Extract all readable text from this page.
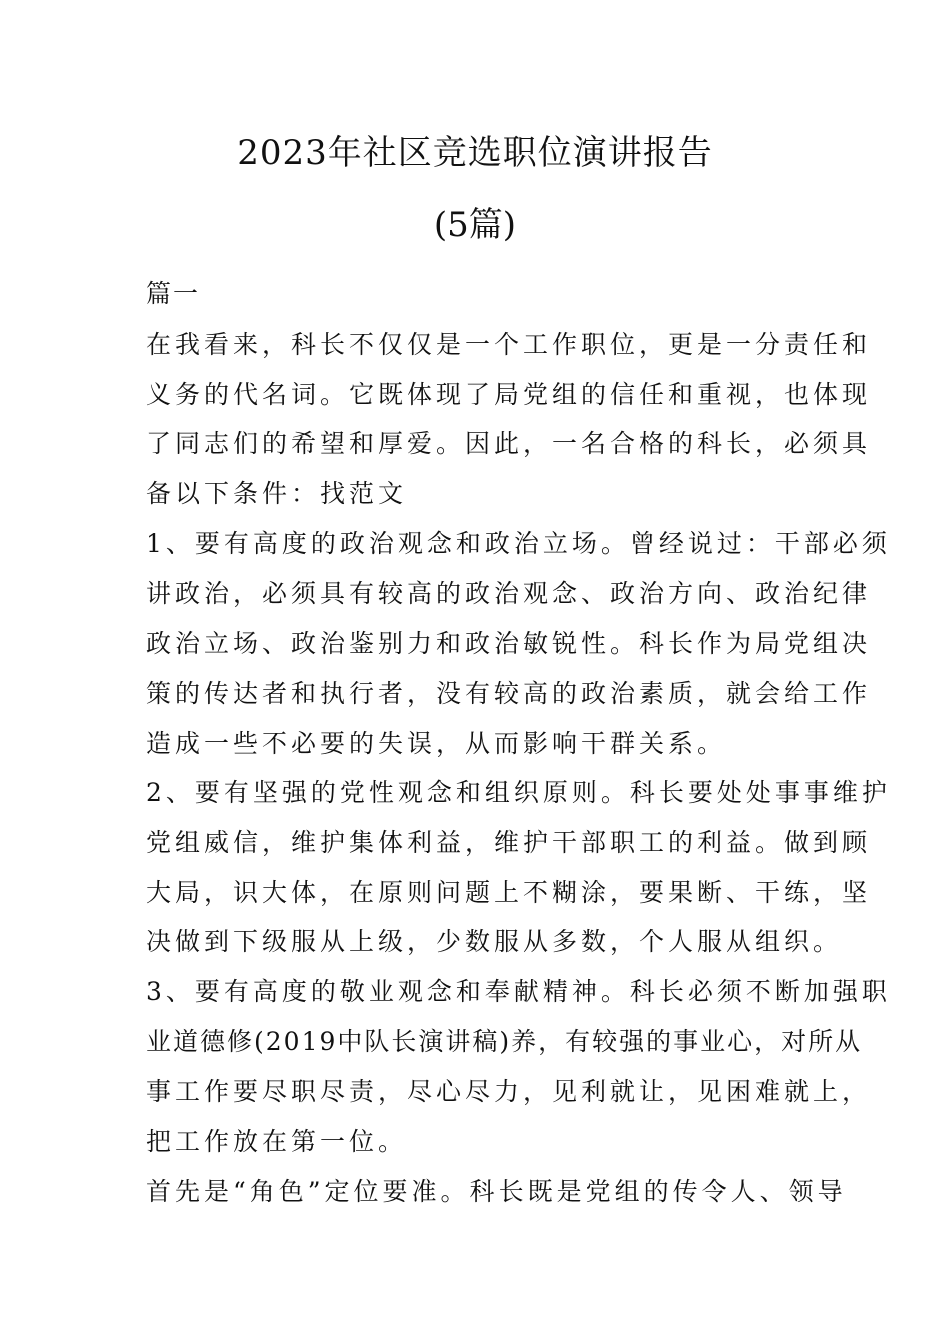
2023年社区竞选职位演讲报告
(5篇)
篇一
在我看来，科长不仅仅是一个工作职位，更是一分责任和
义务的代名词。它既体现了局党组的信任和重视，也体现
了同志们的希望和厚爱。因此，一名合格的科长，必须具
备以下条件：找范文
1、要有高度的政治观念和政治立场。曾经说过：干部必须
讲政治，必须具有较高的政治观念、政治方向、政治纪律
政治立场、政治鉴别力和政治敏锐性。科长作为局党组决
策的传达者和执行者，没有较高的政治素质，就会给工作
造成一些不必要的失误，从而影响干群关系。
2、要有坚强的党性观念和组织原则。科长要处处事事维护
党组威信，维护集体利益，维护干部职工的利益。做到顾
大局，识大体，在原则问题上不糊涂，要果断、干练，坚
决做到下级服从上级，少数服从多数，个人服从组织。
3、要有高度的敬业观念和奉献精神。科长必须不断加强职
业道德修(2019中队长演讲稿)养，有较强的事业心，对所从
事工作要尽职尽责，尽心尽力，见利就让，见困难就上，
把工作放在第一位。
首先是“角色”定位要准。科长既是党组的传令人、领导
